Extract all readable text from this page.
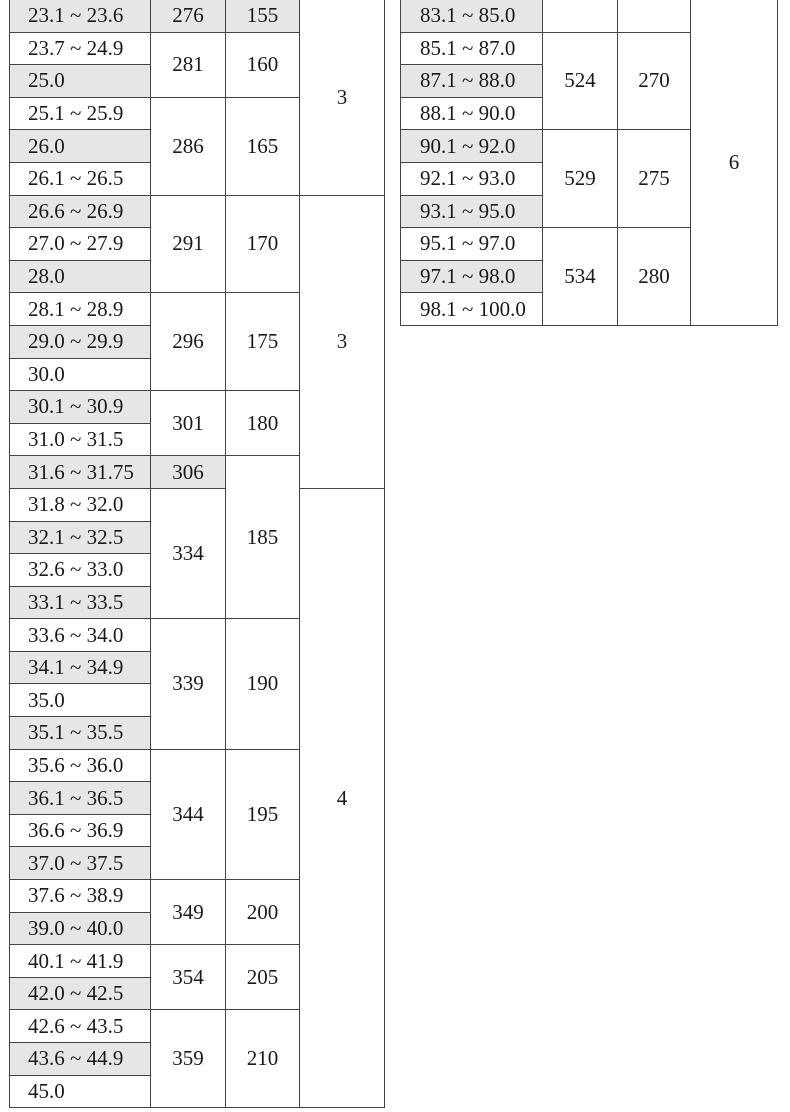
23.1 ~ 23.6	276	155	3
23.7 ~ 24.9	281	160	
25.0			
25.1 ~ 25.9	286	165	
26.0			
26.1 ~ 26.5			
26.6 ~ 26.9	291	170	3
27.0 ~ 27.9			
28.0			
28.1 ~ 28.9	296	175	
29.0 ~ 29.9			
30.0			
30.1 ~ 30.9	301	180	
31.0 ~ 31.5			
31.6 ~ 31.75	306	185	
31.8 ~ 32.0	334		4
32.1 ~ 32.5			
32.6 ~ 33.0			
33.1 ~ 33.5			
33.6 ~ 34.0	339	190	
34.1 ~ 34.9			
35.0			
35.1 ~ 35.5			
35.6 ~ 36.0	344	195	
36.1 ~ 36.5			
36.6 ~ 36.9			
37.0 ~ 37.5			
37.6 ~ 38.9	349	200	
39.0 ~ 40.0			
40.1 ~ 41.9	354	205	
42.0 ~ 42.5			
42.6 ~ 43.5	359	210	
43.6 ~ 44.9			
45.0			
83.1 ~ 85.0			6
85.1 ~ 87.0	524	270	
87.1 ~ 88.0			
88.1 ~ 90.0			
90.1 ~ 92.0	529	275	
92.1 ~ 93.0			
93.1 ~ 95.0			
95.1 ~ 97.0	534	280	
97.1 ~ 98.0			
98.1 ~ 100.0			
